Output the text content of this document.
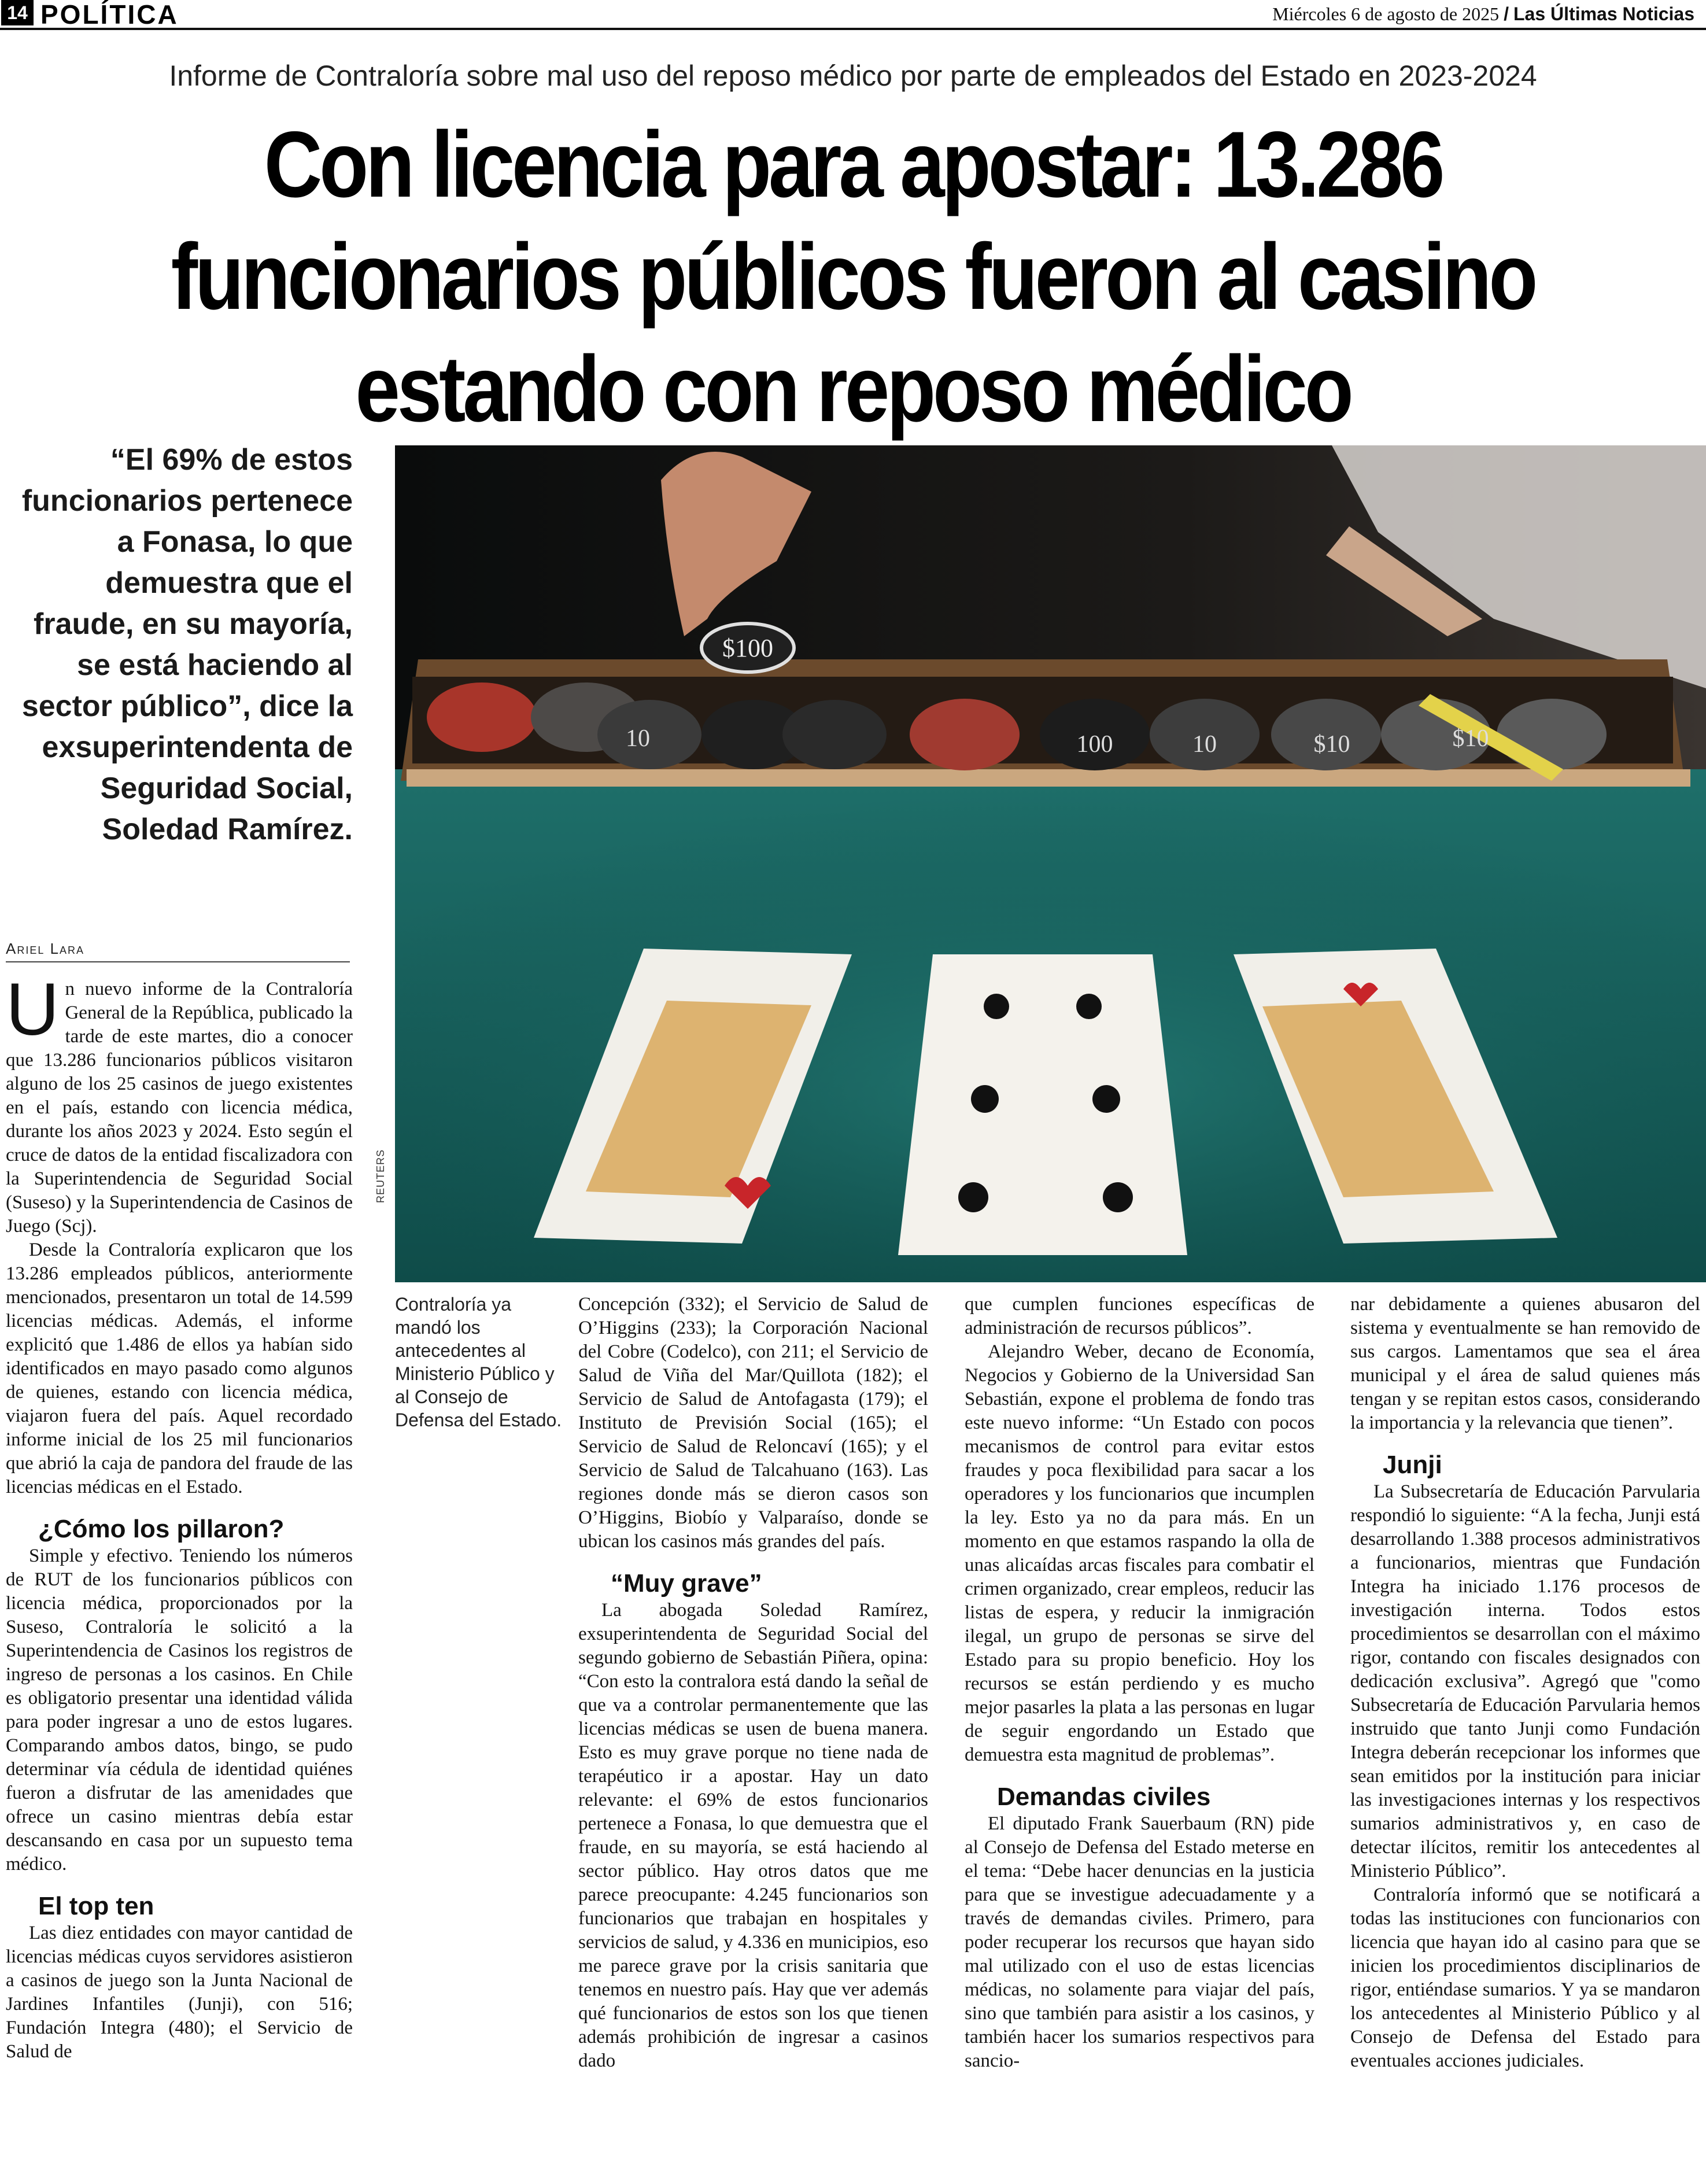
14 POLÍTICA	Miércoles 6 de agosto de 2025 / Las Últimas Noticias
Informe de Contraloría sobre mal uso del reposo médico por parte de empleados del Estado en 2023-2024
Con licencia para apostar: 13.286 funcionarios públicos fueron al casino estando con reposo médico
“El 69% de estos funcionarios pertenece a Fonasa, lo que demuestra que el fraude, en su mayoría, se está haciendo al sector público”, dice la exsuperintendenta de Seguridad Social, Soledad Ramírez.
$100
10	$10
100	10	$10
REUTERS
Contraloría ya mandó los antecedentes al Ministerio Público y al Consejo de Defensa del Estado.
Ariel Lara

Un nuevo informe de la Contraloría General de la República, publicado la tarde de este martes, dio a conocer que 13.286 funcionarios públicos visitaron alguno de los 25 casinos de juego existentes en el país, estando con licencia médica, durante los años 2023 y 2024. Esto según el cruce de datos de la entidad fiscalizadora con la Superintendencia de Seguridad Social (Suseso) y la Superintendencia de Casinos de Juego (Scj).

Desde la Contraloría explicaron que los 13.286 empleados públicos, anteriormente mencionados, presentaron un total de 14.599 licencias médicas. Además, el informe explicitó que 1.486 de ellos ya habían sido identificados en mayo pasado como algunos de quienes, estando con licencia médica, viajaron fuera del país. Aquel recordado informe inicial de los 25 mil funcionarios que abrió la caja de pandora del fraude de las licencias médicas en el Estado.

¿Cómo los pillaron?

Simple y efectivo. Teniendo los números de RUT de los funcionarios públicos con licencia médica, proporcionados por la Suseso, Contraloría le solicitó a la Superintendencia de Casinos los registros de ingreso de personas a los casinos. En Chile es obligatorio presentar una identidad válida para poder ingresar a uno de estos lugares. Comparando ambos datos, bingo, se pudo determinar vía cédula de identidad quiénes fueron a disfrutar de las amenidades que ofrece un casino mientras debía estar descansando en casa por un supuesto tema médico.

El top ten

Las diez entidades con mayor cantidad de licencias médicas cuyos servidores asistieron a casinos de juego son la Junta Nacional de Jardines Infantiles (Junji), con 516; Fundación Integra (480); el Servicio de Salud de

Concepción (332); el Servicio de Salud de O’Higgins (233); la Corporación Nacional del Cobre (Codelco), con 211; el Servicio de Salud de Viña del Mar/Quillota (182); el Servicio de Salud de Antofagasta (179); el Instituto de Previsión Social (165); el Servicio de Salud de Reloncaví (165); y el Servicio de Salud de Talcahuano (163). Las regiones donde más se dieron casos son O’Higgins, Biobío y Valparaíso, donde se ubican los casinos más grandes del país.

“Muy grave”

La abogada Soledad Ramírez, exsuperintendenta de Seguridad Social del segundo gobierno de Sebastián Piñera, opina: “Con esto la contralora está dando la señal de que va a controlar permanentemente que las licencias médicas se usen de buena manera. Esto es muy grave porque no tiene nada de terapéutico ir a apostar. Hay un dato relevante: el 69% de estos funcionarios pertenece a Fonasa, lo que demuestra que el fraude, en su mayoría, se está haciendo al sector público. Hay otros datos que me parece preocupante: 4.245 funcionarios son funcionarios que trabajan en hospitales y servicios de salud, y 4.336 en municipios, eso me parece grave por la crisis sanitaria que tenemos en nuestro país. Hay que ver además qué funcionarios de estos son los que tienen además prohibición de ingresar a casinos dado

que cumplen funciones específicas de administración de recursos públicos”.

Alejandro Weber, decano de Economía, Negocios y Gobierno de la Universidad San Sebastián, expone el problema de fondo tras este nuevo informe: “Un Estado con pocos mecanismos de control para evitar estos fraudes y poca flexibilidad para sacar a los operadores y los funcionarios que incumplen la ley. Esto ya no da para más. En un momento en que estamos raspando la olla de unas alicaídas arcas fiscales para combatir el crimen organizado, crear empleos, reducir las listas de espera, y reducir la inmigración ilegal, un grupo de personas se sirve del Estado para su propio beneficio. Hoy los recursos se están perdiendo y es mucho mejor pasarles la plata a las personas en lugar de seguir engordando un Estado que demuestra esta magnitud de problemas”.

Demandas civiles

El diputado Frank Sauerbaum (RN) pide al Consejo de Defensa del Estado meterse en el tema: “Debe hacer denuncias en la justicia para que se investigue adecuadamente y a través de demandas civiles. Primero, para poder recuperar los recursos que hayan sido mal utilizado con el uso de estas licencias médicas, no solamente para viajar del país, sino que también para asistir a los casinos, y también hacer los sumarios respectivos para sancio-

nar debidamente a quienes abusaron del sistema y eventualmente se han removido de sus cargos. Lamentamos que sea el área municipal y el área de salud quienes más tengan y se repitan estos casos, considerando la importancia y la relevancia que tienen”.

Junji

La Subsecretaría de Educación Parvularia respondió lo siguiente: “A la fecha, Junji está desarrollando 1.388 procesos administrativos a funcionarios, mientras que Fundación Integra ha iniciado 1.176 procesos de investigación interna. Todos estos procedimientos se desarrollan con el máximo rigor, contando con fiscales designados con dedicación exclusiva”. Agregó que "como Subsecretaría de Educación Parvularia hemos instruido que tanto Junji como Fundación Integra deberán recepcionar los informes que sean emitidos por la institución para iniciar las investigaciones internas y los respectivos sumarios administrativos y, en caso de detectar ilícitos, remitir los antecedentes al Ministerio Público”.

Contraloría informó que se notificará a todas las instituciones con funcionarios con licencia que hayan ido al casino para que se inicien los procedimientos disciplinarios de rigor, entiéndase sumarios. Y ya se mandaron los antecedentes al Ministerio Público y al Consejo de Defensa del Estado para eventuales acciones judiciales.
